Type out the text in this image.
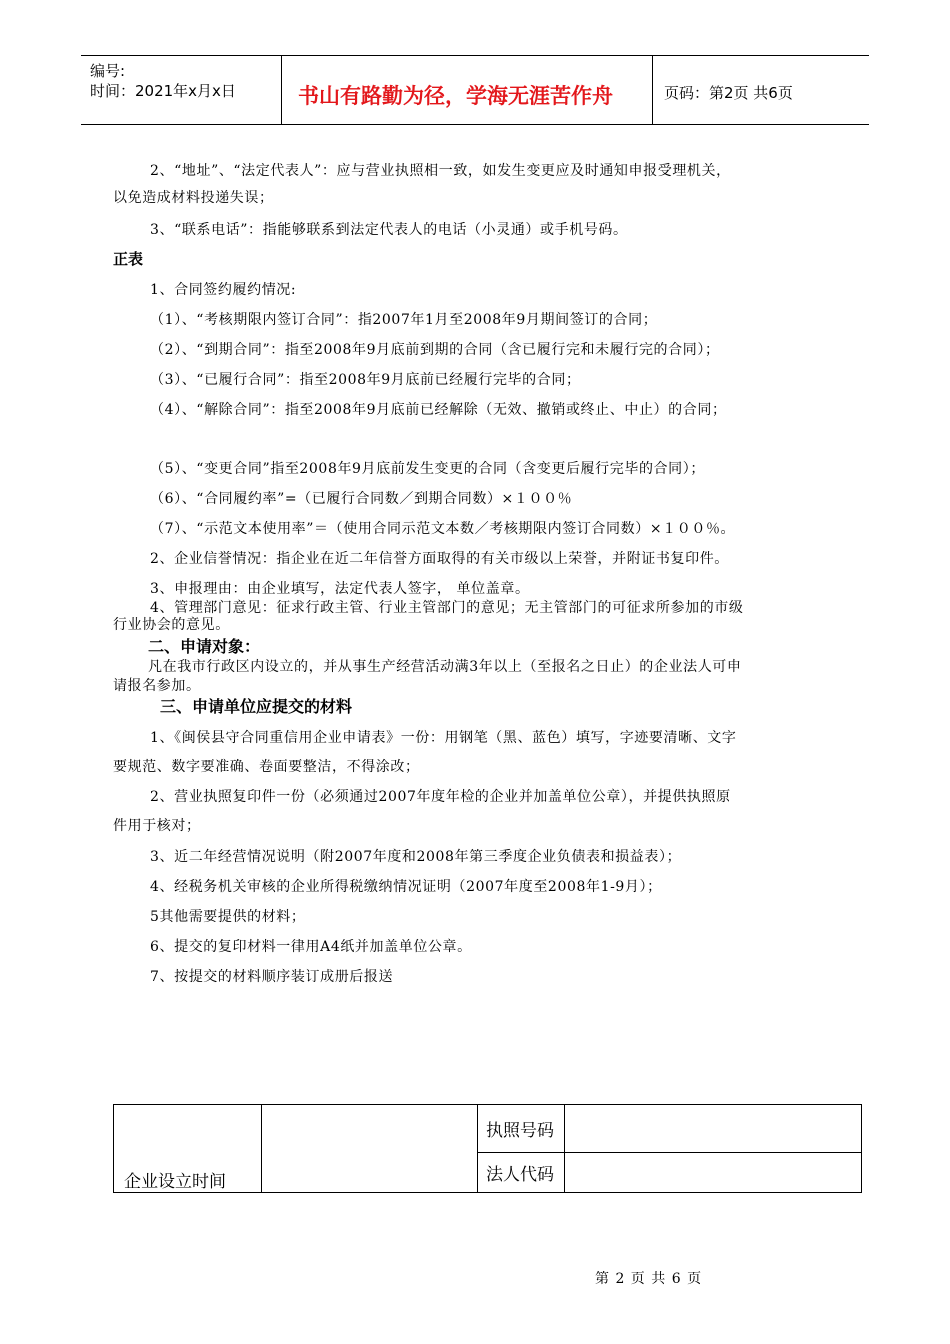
编号:
时间：2021年x月x日	书山有路勤为径，学海无涯苦作舟	页码：第2页 共6页
2、“地址”、“法定代表人”：应与营业执照相一致，如发生变更应及时通知申报受理机关，
以免造成材料投递失误；
3、“联系电话”：指能够联系到法定代表人的电话（小灵通）或手机号码。
正表
1、合同签约履约情况:
（1）、“考核期限内签订合同”：指2007年1月至2008年9月期间签订的合同；
（2）、“到期合同”：指至2008年9月底前到期的合同（含已履行完和未履行完的合同）；
（3）、“已履行合同”：指至2008年9月底前已经履行完毕的合同；
（4）、“解除合同”：指至2008年9月底前已经解除（无效、撤销或终止、中止）的合同；
（5）、“变更合同”指至2008年9月底前发生变更的合同（含变更后履行完毕的合同）；
（6）、“合同履约率”=（已履行合同数／到期合同数）×１００％
（7）、“示范文本使用率”＝（使用合同示范文本数／考核期限内签订合同数）×１００％。
2、企业信誉情况：指企业在近二年信誉方面取得的有关市级以上荣誉，并附证书复印件。
3、申报理由：由企业填写，法定代表人签字， 单位盖章。
4、管理部门意见：征求行政主管、行业主管部门的意见；无主管部门的可征求所参加的市级
行业协会的意见。
二、申请对象：
凡在我市行政区内设立的，并从事生产经营活动满3年以上（至报名之日止）的企业法人可申
请报名参加。
三、申请单位应提交的材料
1、《闽侯县守合同重信用企业申请表》一份：用钢笔（黑、蓝色）填写，字迹要清晰、文字
要规范、数字要准确、卷面要整洁，不得涂改；
2、营业执照复印件一份（必须通过2007年度年检的企业并加盖单位公章），并提供执照原
件用于核对；
3、近二年经营情况说明（附2007年度和2008年第三季度企业负债表和损益表）；
4、经税务机关审核的企业所得税缴纳情况证明（2007年度至2008年1-9月）；
5其他需要提供的材料；
6、提交的复印材料一律用A4纸并加盖单位公章。
7、按提交的材料顺序装订成册后报送
企业设立时间		执照号码	
		法人代码	
第 2 页 共 6 页
